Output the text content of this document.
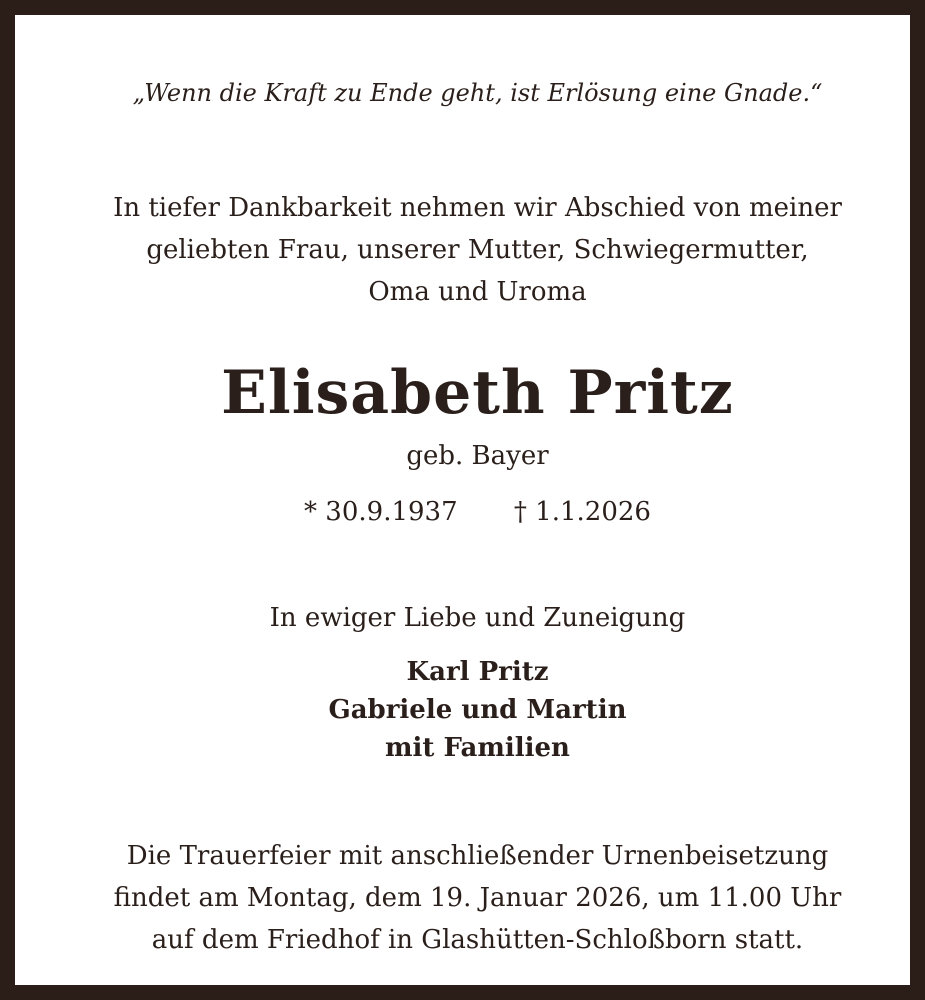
„Wenn die Kraft zu Ende geht, ist Erlösung eine Gnade.“

In tiefer Dankbarkeit nehmen wir Abschied von meiner
geliebten Frau, unserer Mutter, Schwiegermutter,
Oma und Uroma

Elisabeth Pritz

geb. Bayer

* 30.9.1937 † 1.1.2026

In ewiger Liebe und Zuneigung

Karl Pritz
Gabriele und Martin
mit Familien

Die Trauerfeier mit anschließender Urnenbeisetzung
findet am Montag, dem 19. Januar 2026, um 11.00 Uhr
auf dem Friedhof in Glashütten-Schloßborn statt.
